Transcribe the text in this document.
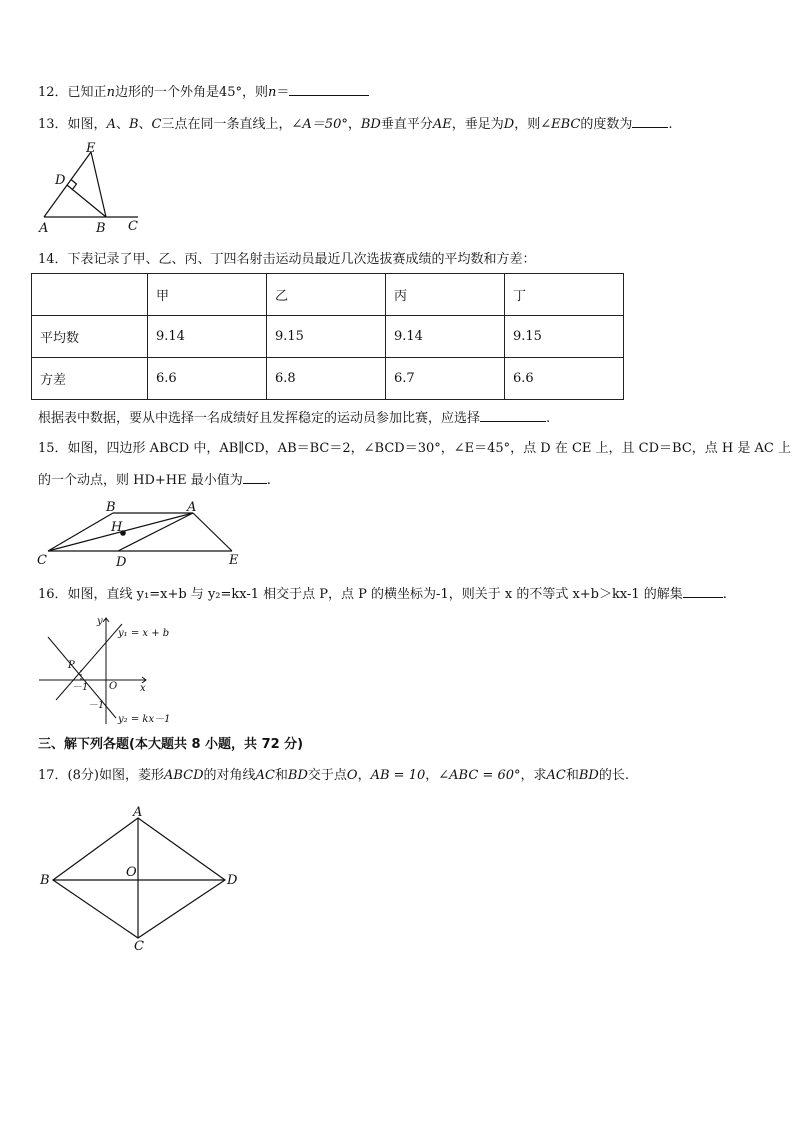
12．已知正n边形的一个外角是45°，则n＝
13．如图，A、B、C三点在同一条直线上，∠A＝50°，BD垂直平分AE，垂足为D，则∠EBC的度数为	.
E
D
A	B C
14．下表记录了甲、乙、丙、丁四名射击运动员最近几次选拔赛成绩的平均数和方差：
	甲	乙	丙	丁
平均数	9.14	9.15	9.14	9.15
方差	6.6	6.8	6.7	6.6
根据表中数据，要从中选择一名成绩好且发挥稳定的运动员参加比赛，应选择	.
15．如图，四边形 ABCD 中，AB∥CD，AB＝BC＝2，∠BCD＝30°，∠E＝45°，点 D 在 CE 上，且 CD＝BC，点 H 是 AC 上
的一个动点，则 HD+HE 最小值为 .
B	A
H
C	D	E
16．如图，直线 y₁=x+b 与 y₂=kx-1 相交于点 P，点 P 的横坐标为-1，则关于 x 的不等式 x+b＞kx-1 的解集	.
y
x
O
P
－1
－1
y₁ = x + b
y₂ = kx－1
三、解下列各题(本大题共 8 小题，共 72 分)
17．(8分)如图，菱形ABCD的对角线AC和BD交于点O，AB = 10，∠ABC = 60°，求AC和BD的长.
A
B
O
D
C
